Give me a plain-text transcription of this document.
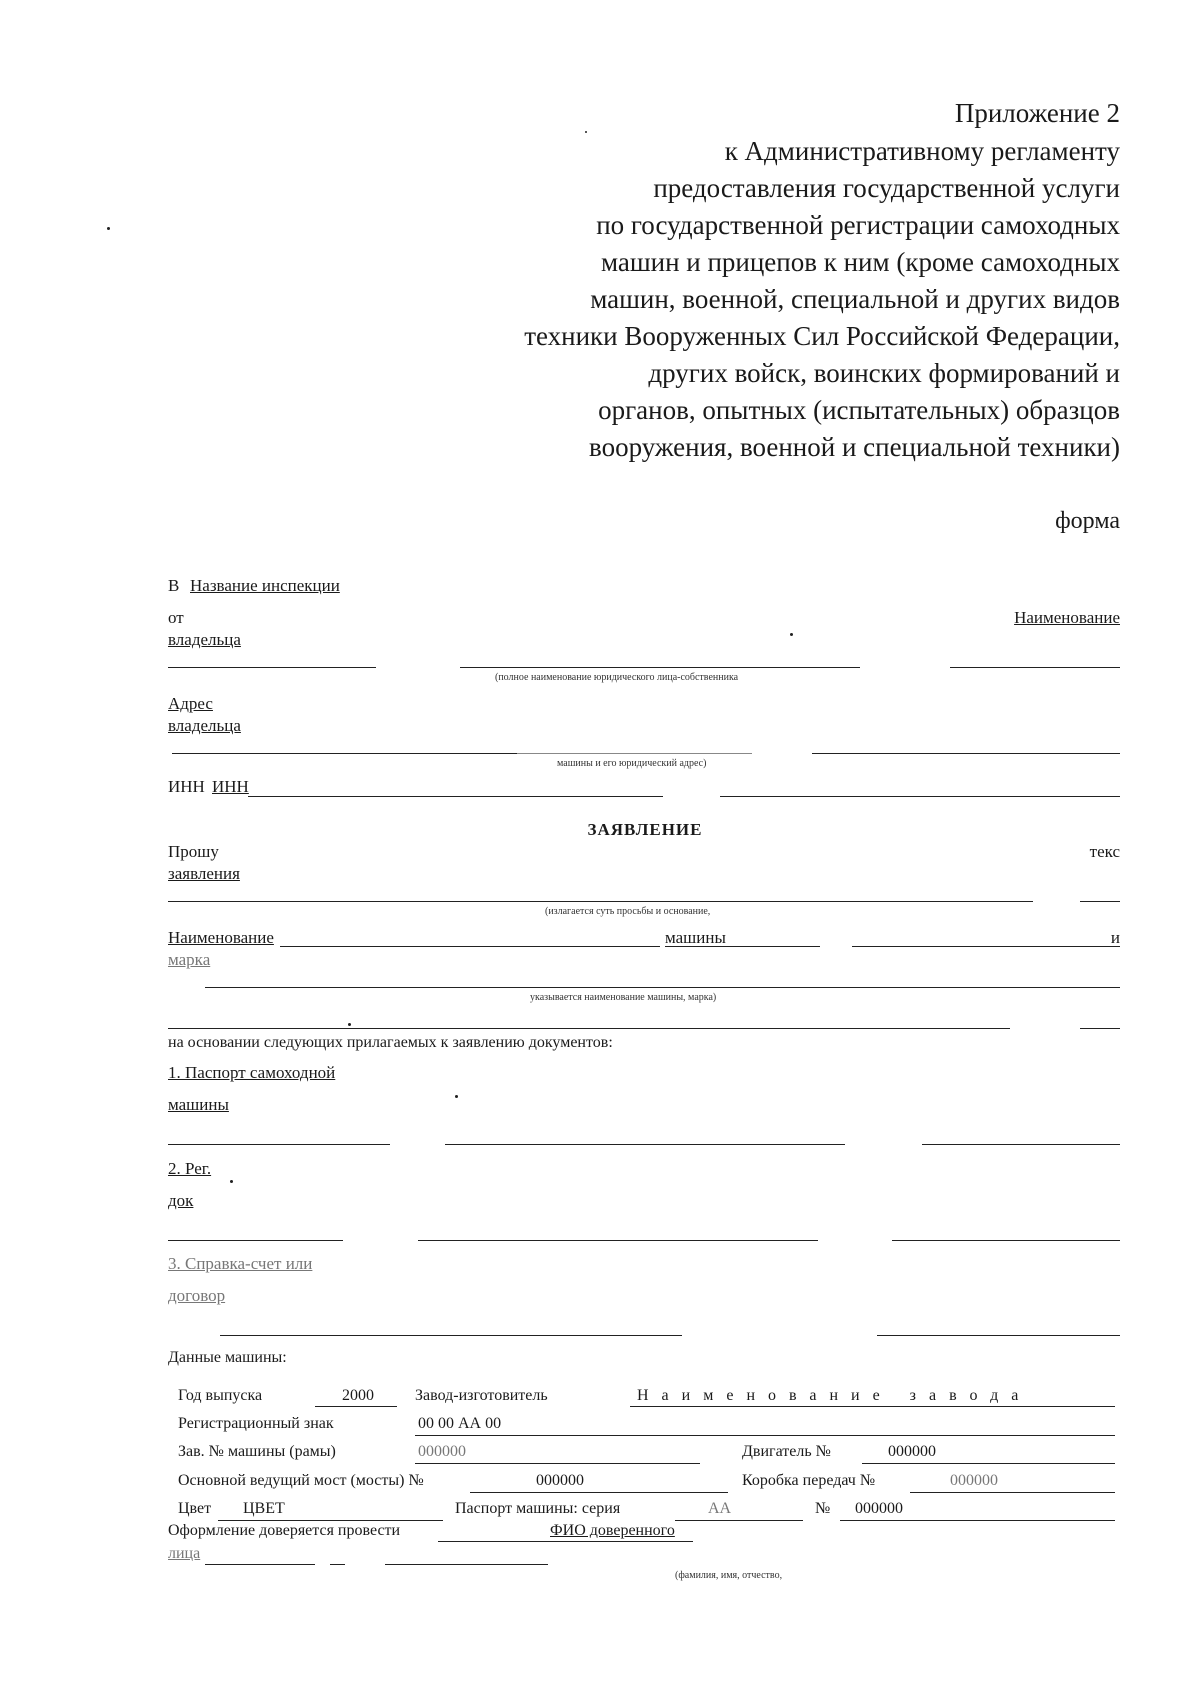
Приложение 2
к Административному регламенту
предоставления государственной услуги
по государственной регистрации самоходных
машин и прицепов к ним (кроме самоходных
машин, военной, специальной и других видов
техники Вооруженных Сил Российской Федерации,
других войск, воинских формирований и
органов, опытных (испытательных) образцов
вооружения, военной и специальной техники)
форма
В Название инспекции
от	Наименование
владельца
(полное наименование юридического лица-собственника
Адрес
владельца
машины и его юридический адрес)
ИНН ИНН
ЗАЯВЛЕНИЕ
Прошу	текс
заявления
(излагается суть просьбы и основание,
Наименование	машины	и
марка
указывается наименование машины, марка)
на основании следующих прилагаемых к заявлению документов:
1. Паспорт самоходной
машины
2. Рег.
док
3. Справка-счет или
договор
Данные машины:
Год выпуска	2000	Завод-изготовитель	Наименование завода
Регистрационный знак	00 00 АА 00
Зав. № машины (рамы)	000000	Двигатель №	000000
Основной ведущий мост (мосты) №	000000	Коробка передач №	000000
Цвет ЦВЕТ	Паспорт машины: серия	АА	№ 000000
Оформление доверяется провести	ФИО доверенного
лица
(фамилия, имя, отчество,
